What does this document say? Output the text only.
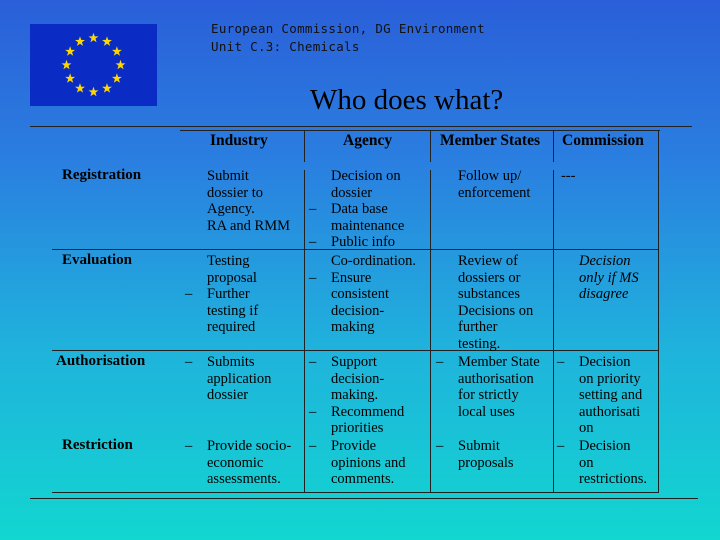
European Commission, DG Environment
Unit C.3: Chemicals
Who does what?
Industry	Agency	Member States Commission
Registration
Evaluation
Authorisation
Restriction
Submit
dossier to
Agency.
RA and RMM
Decision on
dossier
– Data base
maintenance
– Public info
Follow up/
enforcement
---
Testing
proposal
– Further
testing if
required
Co-ordination.
– Ensure
consistent
decision-
making
Review of
dossiers or
substances
Decisions on
further
testing.
Decision
only if MS
disagree
– Submits
application
dossier
– Support
decision-
making.
– Recommend
priorities
– Member State
authorisation
for strictly
local uses
– Decision
on priority
setting and
authorisati
on
– Provide socio-
economic
assessments.
– Provide
opinions and
comments.
– Submit
proposals
– Decision
on
restrictions.
